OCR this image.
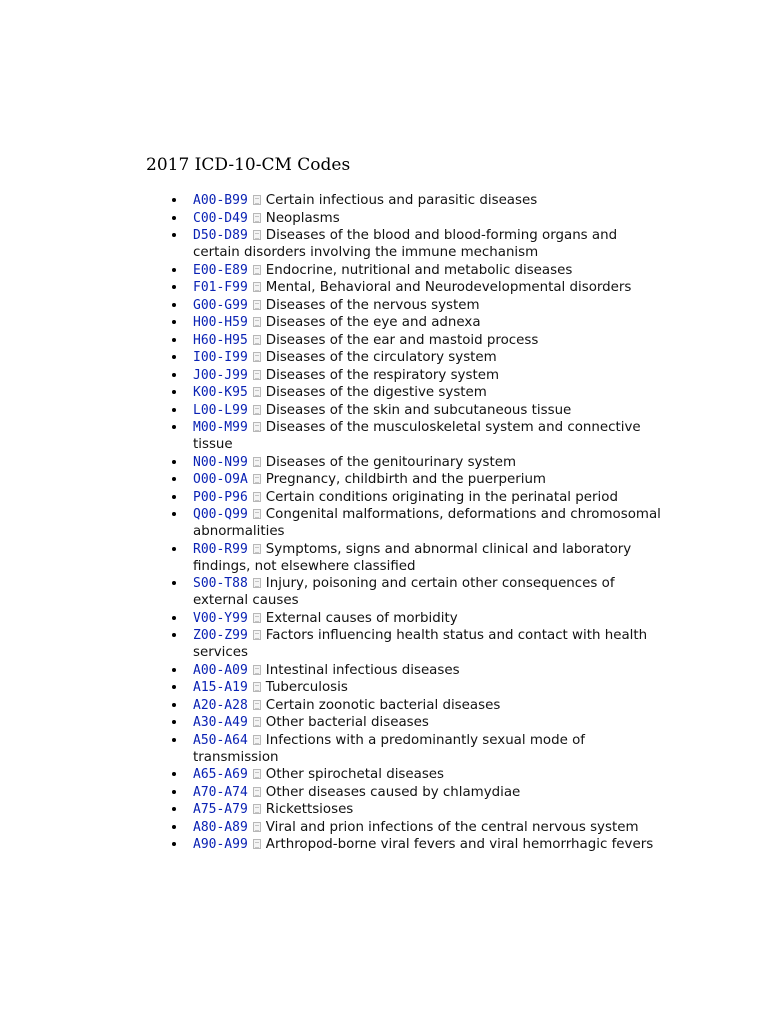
2017 ICD-10-CM Codes
A00-B99 Certain infectious and parasitic diseases
C00-D49 Neoplasms
D50-D89 Diseases of the blood and blood-forming organs and certain disorders involving the immune mechanism
E00-E89 Endocrine, nutritional and metabolic diseases
F01-F99 Mental, Behavioral and Neurodevelopmental disorders
G00-G99 Diseases of the nervous system
H00-H59 Diseases of the eye and adnexa
H60-H95 Diseases of the ear and mastoid process
I00-I99 Diseases of the circulatory system
J00-J99 Diseases of the respiratory system
K00-K95 Diseases of the digestive system
L00-L99 Diseases of the skin and subcutaneous tissue
M00-M99 Diseases of the musculoskeletal system and connective tissue
N00-N99 Diseases of the genitourinary system
O00-O9A Pregnancy, childbirth and the puerperium
P00-P96 Certain conditions originating in the perinatal period
Q00-Q99 Congenital malformations, deformations and chromosomal abnormalities
R00-R99 Symptoms, signs and abnormal clinical and laboratory findings, not elsewhere classified
S00-T88 Injury, poisoning and certain other consequences of external causes
V00-Y99 External causes of morbidity
Z00-Z99 Factors influencing health status and contact with health services
A00-A09 Intestinal infectious diseases
A15-A19 Tuberculosis
A20-A28 Certain zoonotic bacterial diseases
A30-A49 Other bacterial diseases
A50-A64 Infections with a predominantly sexual mode of transmission
A65-A69 Other spirochetal diseases
A70-A74 Other diseases caused by chlamydiae
A75-A79 Rickettsioses
A80-A89 Viral and prion infections of the central nervous system
A90-A99 Arthropod-borne viral fevers and viral hemorrhagic fevers
